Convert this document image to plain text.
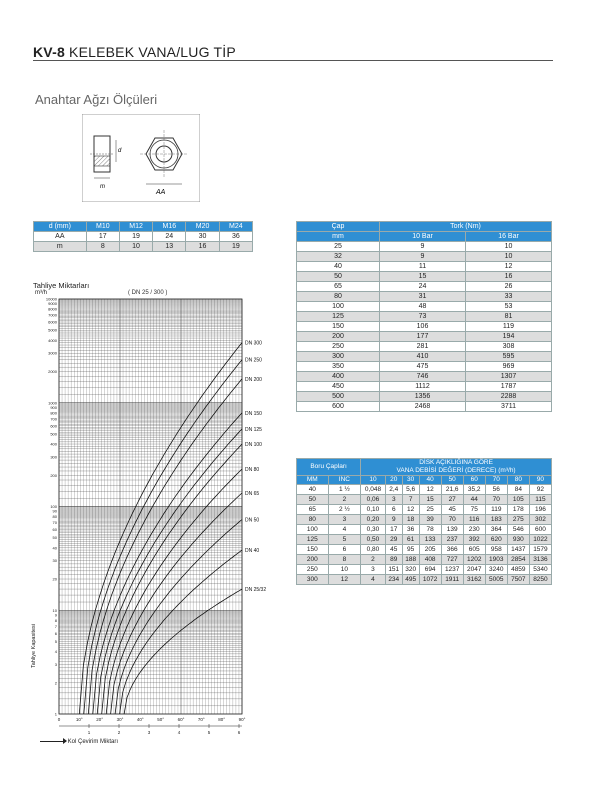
KV-8 KELEBEK VANA/LUG TİP
Anahtar Ağzı Ölçüleri
m
d
AA
d (mm)	M10	M12	M16	M20	M24
AA	17	19	24	30	36
m	8	10	13	16	19
Çap	Tork (Nm)	
mm	10 Bar	16 Bar
25	9	10
32	9	10
40	11	12
50	15	16
65	24	26
80	31	33
100	48	53
125	73	81
150	106	119
200	177	194
250	281	308
300	410	595
350	475	969
400	746	1307
450	1112	1787
500	1356	2288
600	2468	3711
Boru Çapları		DİSK AÇIKLIĞINA GÖRE
VANA DEBİSİ DEĞERİ (DERECE) (m³/h)								
MM	INC	10	20	30	40	50	60	70	80	90
40	1 ½	0,048	2,4	5,6	12	21,6	35,2	56	84	92
50	2	0,06	3	7	15	27	44	70	105	115
65	2 ½	0,10	6	12	25	45	75	119	178	196
80	3	0,20	9	18	39	70	116	183	275	302
100	4	0,30	17	36	78	139	230	364	546	600
125	5	0,50	29	61	133	237	392	620	930	1022
150	6	0,80	45	95	205	366	605	958	1437	1579
200	8	2	89	188	408	727	1202	1903	2854	3136
250	10	3	151	320	694	1237	2047	3240	4859	5340
300	12	4	234	495	1072	1911	3162	5005	7507	8250
Tahliye Miktarları
m³/h	( DN 25 / 300 )
Tahliye Kapasitesi
10000
9000
8000
7000
6000
5000
4000
3000
2000
1000
900
800
700
600
500
400
300
200
100
90
80
70
60
50
40
30
20
10
9
8
7
6
5
4
3
2
1
0	10°	20°	30°	40°	50°	60°	70°	80°	90°
1	2	3	4	5	6
DN 300
DN 250
DN 200
DN 150
DN 125
DN 100
DN 80
DN 65
DN 50
DN 40
DN 25/32
Kol Çevirim Miktarı
